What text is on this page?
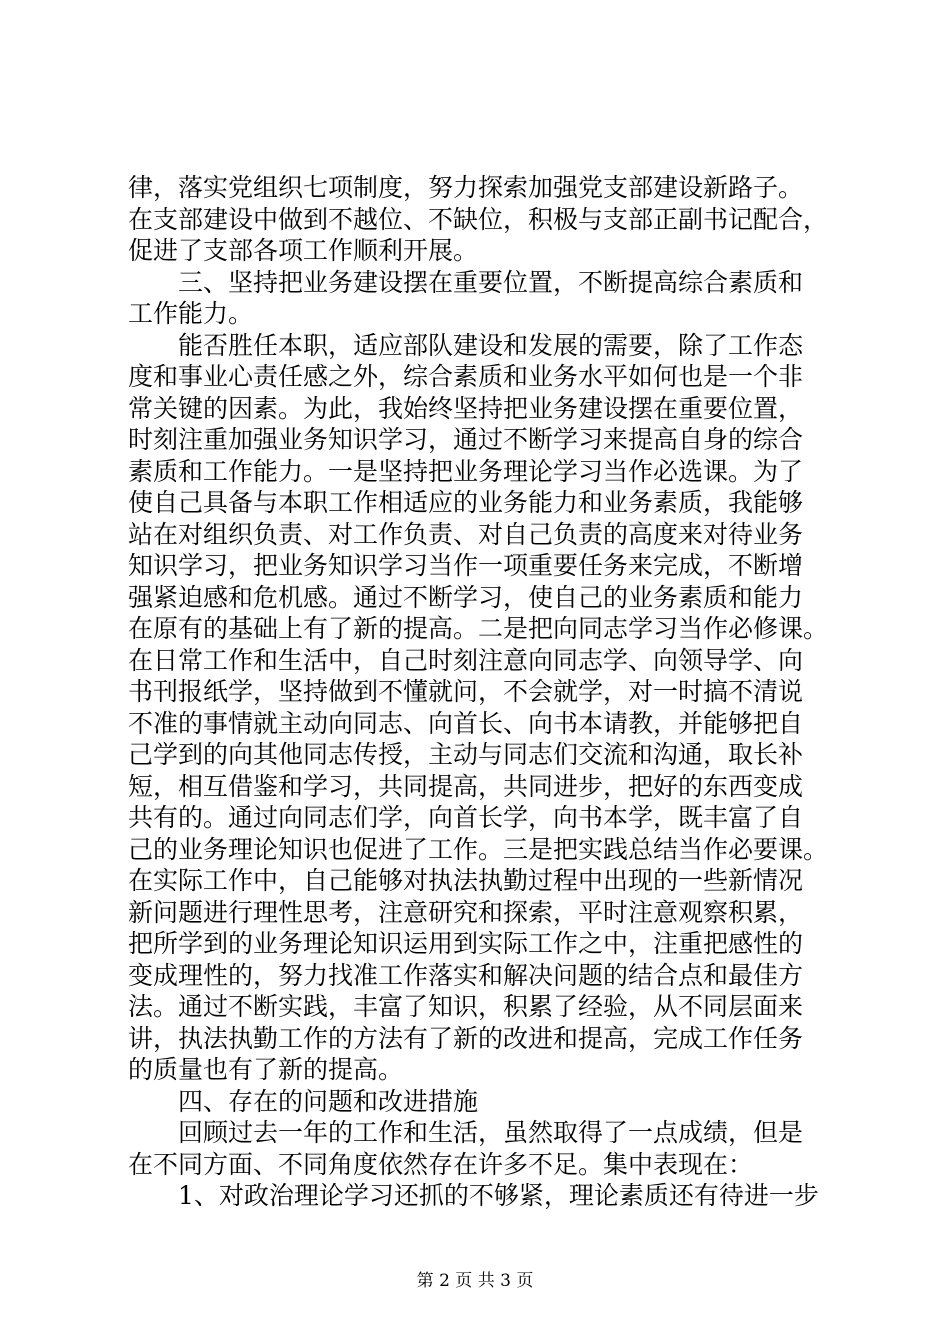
律，落实党组织七项制度，努力探索加强党支部建设新路子。
在支部建设中做到不越位、不缺位，积极与支部正副书记配合，
促进了支部各项工作顺利开展。
三、坚持把业务建设摆在重要位置，不断提高综合素质和
工作能力。
能否胜任本职，适应部队建设和发展的需要，除了工作态
度和事业心责任感之外，综合素质和业务水平如何也是一个非
常关键的因素。为此，我始终坚持把业务建设摆在重要位置，
时刻注重加强业务知识学习，通过不断学习来提高自身的综合
素质和工作能力。一是坚持把业务理论学习当作必选课。为了
使自己具备与本职工作相适应的业务能力和业务素质，我能够
站在对组织负责、对工作负责、对自己负责的高度来对待业务
知识学习，把业务知识学习当作一项重要任务来完成，不断增
强紧迫感和危机感。通过不断学习，使自己的业务素质和能力
在原有的基础上有了新的提高。二是把向同志学习当作必修课。
在日常工作和生活中，自己时刻注意向同志学、向领导学、向
书刊报纸学，坚持做到不懂就问，不会就学，对一时搞不清说
不准的事情就主动向同志、向首长、向书本请教，并能够把自
己学到的向其他同志传授，主动与同志们交流和沟通，取长补
短，相互借鉴和学习，共同提高，共同进步，把好的东西变成
共有的。通过向同志们学，向首长学，向书本学，既丰富了自
己的业务理论知识也促进了工作。三是把实践总结当作必要课。
在实际工作中，自己能够对执法执勤过程中出现的一些新情况
新问题进行理性思考，注意研究和探索，平时注意观察积累，
把所学到的业务理论知识运用到实际工作之中，注重把感性的
变成理性的，努力找准工作落实和解决问题的结合点和最佳方
法。通过不断实践，丰富了知识，积累了经验，从不同层面来
讲，执法执勤工作的方法有了新的改进和提高，完成工作任务
的质量也有了新的提高。
四、存在的问题和改进措施
回顾过去一年的工作和生活，虽然取得了一点成绩，但是
在不同方面、不同角度依然存在许多不足。集中表现在：
1、对政治理论学习还抓的不够紧，理论素质还有待进一步
第 2 页 共 3 页
